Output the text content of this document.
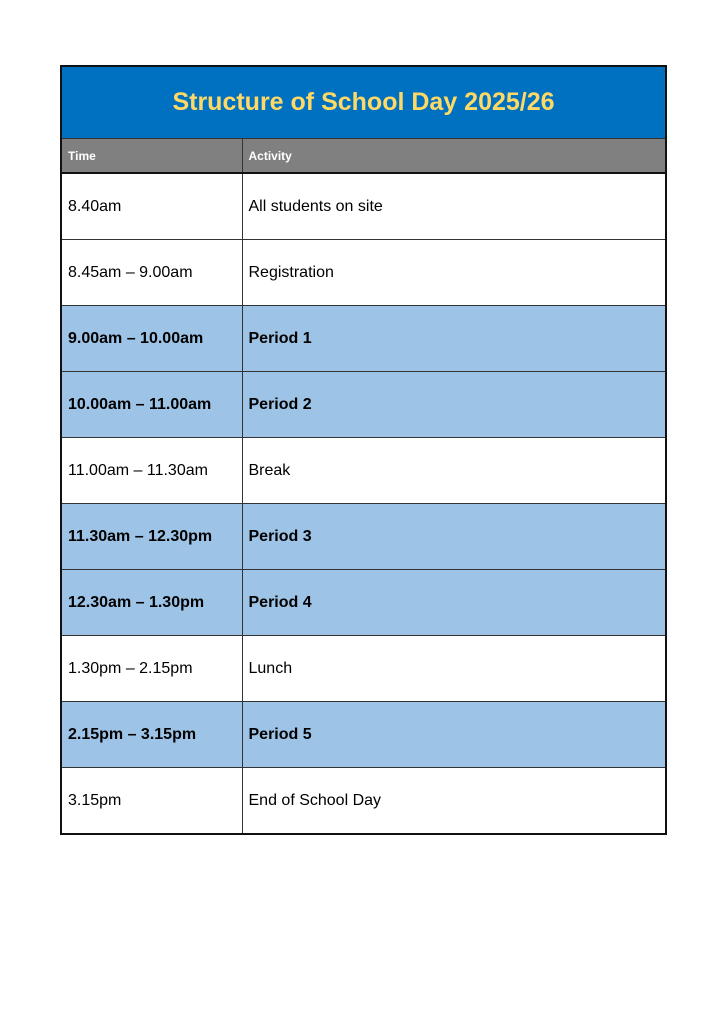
Structure of School Day 2025/26	
Time	Activity
8.40am	All students on site
8.45am – 9.00am	Registration
9.00am – 10.00am	Period 1
10.00am – 11.00am	Period 2
11.00am – 11.30am	Break
11.30am – 12.30pm	Period 3
12.30am – 1.30pm	Period 4
1.30pm – 2.15pm	Lunch
2.15pm – 3.15pm	Period 5
3.15pm	End of School Day
